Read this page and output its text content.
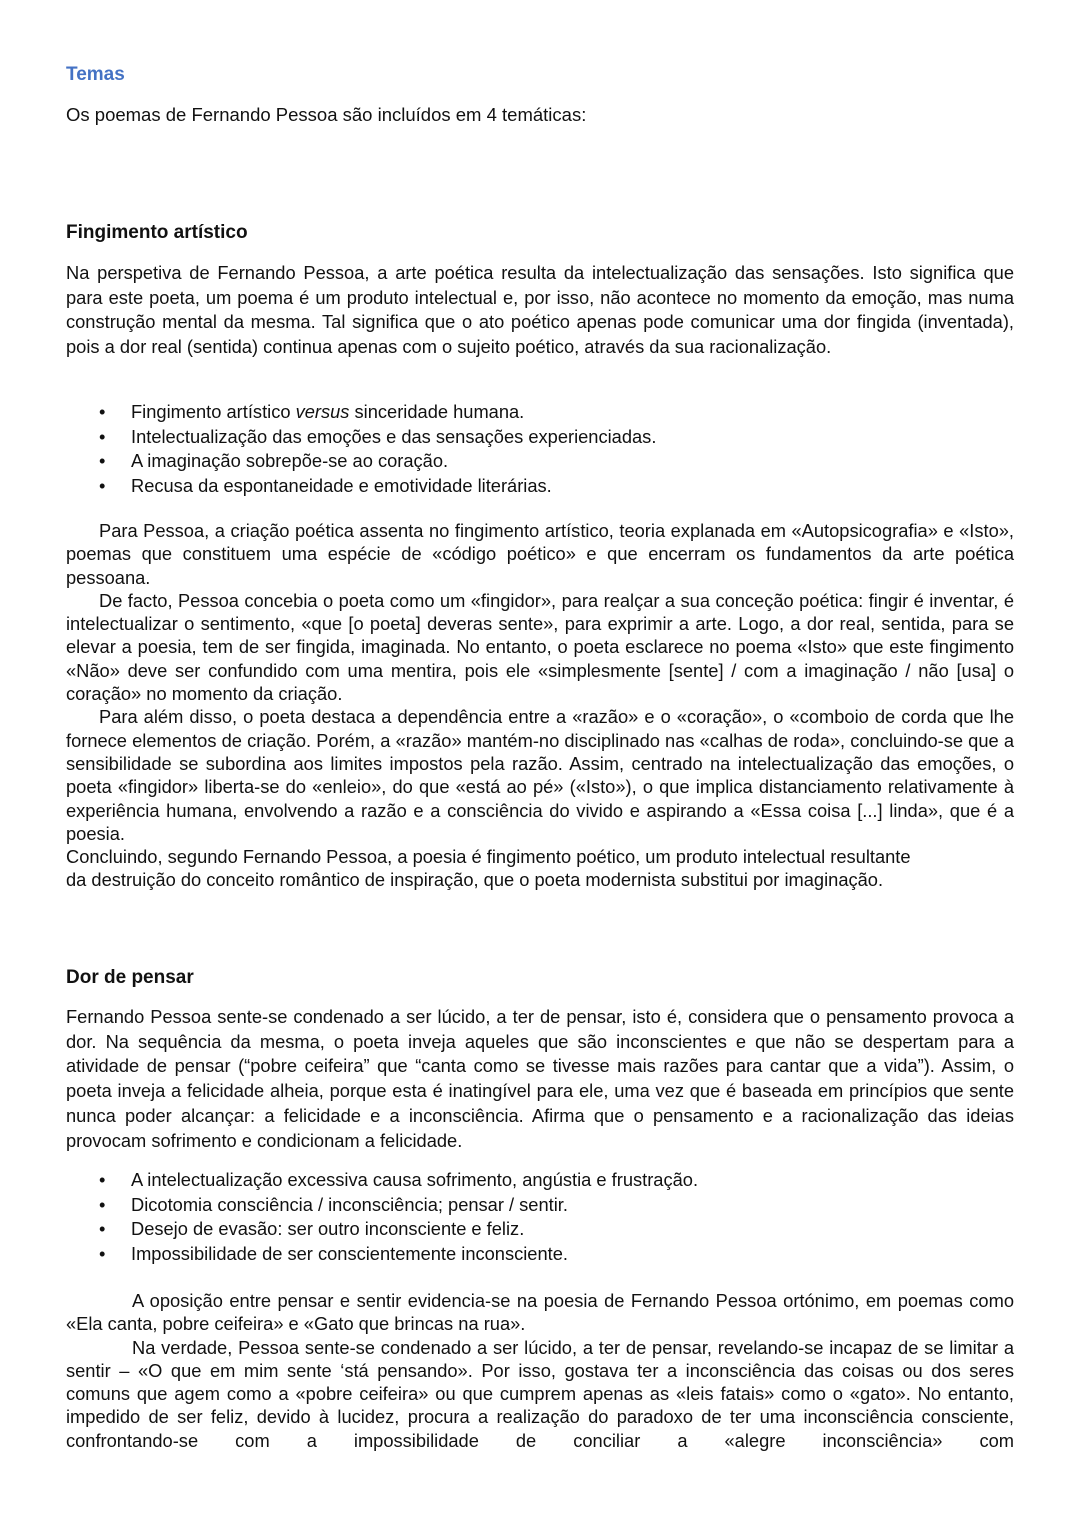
Temas
Os poemas de Fernando Pessoa são incluídos em 4 temáticas:
Fingimento artístico

Na perspetiva de Fernando Pessoa, a arte poética resulta da intelectualização das sensações. Isto significa que para este poeta, um poema é um produto intelectual e, por isso, não acontece no momento da emoção, mas numa construção mental da mesma. Tal significa que o ato poético apenas pode comunicar uma dor fingida (inventada), pois a dor real (sentida) continua apenas com o sujeito poético, através da sua racionalização.

• Fingimento artístico versus sinceridade humana.
• Intelectualização das emoções e das sensações experienciadas.
• A imaginação sobrepõe-se ao coração.
• Recusa da espontaneidade e emotividade literárias.

Para Pessoa, a criação poética assenta no fingimento artístico, teoria explanada em «Autopsicografia» e «Isto», poemas que constituem uma espécie de «código poético» e que encerram os fundamentos da arte poética pessoana.

De facto, Pessoa concebia o poeta como um «fingidor», para realçar a sua conceção poética: fingir é inventar, é intelectualizar o sentimento, «que [o poeta] deveras sente», para exprimir a arte. Logo, a dor real, sentida, para se elevar a poesia, tem de ser fingida, imaginada. No entanto, o poeta esclarece no poema «Isto» que este fingimento «Não» deve ser confundido com uma mentira, pois ele «simplesmente [sente] / com a imaginação / não [usa] o coração» no momento da criação.

Para além disso, o poeta destaca a dependência entre a «razão» e o «coração», o «comboio de corda que lhe fornece elementos de criação. Porém, a «razão» mantém-no disciplinado nas «calhas de roda», concluindo-se que a sensibilidade se subordina aos limites impostos pela razão. Assim, centrado na intelectualização das emoções, o poeta «fingidor» liberta-se do «enleio», do que «está ao pé» («Isto»), o que implica distanciamento relativamente à experiência humana, envolvendo a razão e a consciência do vivido e aspirando a «Essa coisa [...] linda», que é a poesia.

Concluindo, segundo Fernando Pessoa, a poesia é fingimento poético, um produto intelectual resultante

da destruição do conceito romântico de inspiração, que o poeta modernista substitui por imaginação.

Dor de pensar

Fernando Pessoa sente-se condenado a ser lúcido, a ter de pensar, isto é, considera que o pensamento provoca a dor. Na sequência da mesma, o poeta inveja aqueles que são inconscientes e que não se despertam para a atividade de pensar (“pobre ceifeira” que “canta como se tivesse mais razões para cantar que a vida”). Assim, o poeta inveja a felicidade alheia, porque esta é inatingível para ele, uma vez que é baseada em princípios que sente nunca poder alcançar: a felicidade e a inconsciência. Afirma que o pensamento e a racionalização das ideias provocam sofrimento e condicionam a felicidade.

• A intelectualização excessiva causa sofrimento, angústia e frustração.
• Dicotomia consciência / inconsciência; pensar / sentir.
• Desejo de evasão: ser outro inconsciente e feliz.
• Impossibilidade de ser conscientemente inconsciente.

A oposição entre pensar e sentir evidencia-se na poesia de Fernando Pessoa ortónimo, em poemas como «Ela canta, pobre ceifeira» e «Gato que brincas na rua».

Na verdade, Pessoa sente-se condenado a ser lúcido, a ter de pensar, revelando-se incapaz de se limitar a sentir – «O que em mim sente ‘stá pensando». Por isso, gostava ter a inconsciência das coisas ou dos seres comuns que agem como a «pobre ceifeira» ou que cumprem apenas as «leis fatais» como o «gato». No entanto, impedido de ser feliz, devido à lucidez, procura a realização do paradoxo de ter uma inconsciência consciente, confrontando-se com a impossibilidade de conciliar a «alegre inconsciência» com
